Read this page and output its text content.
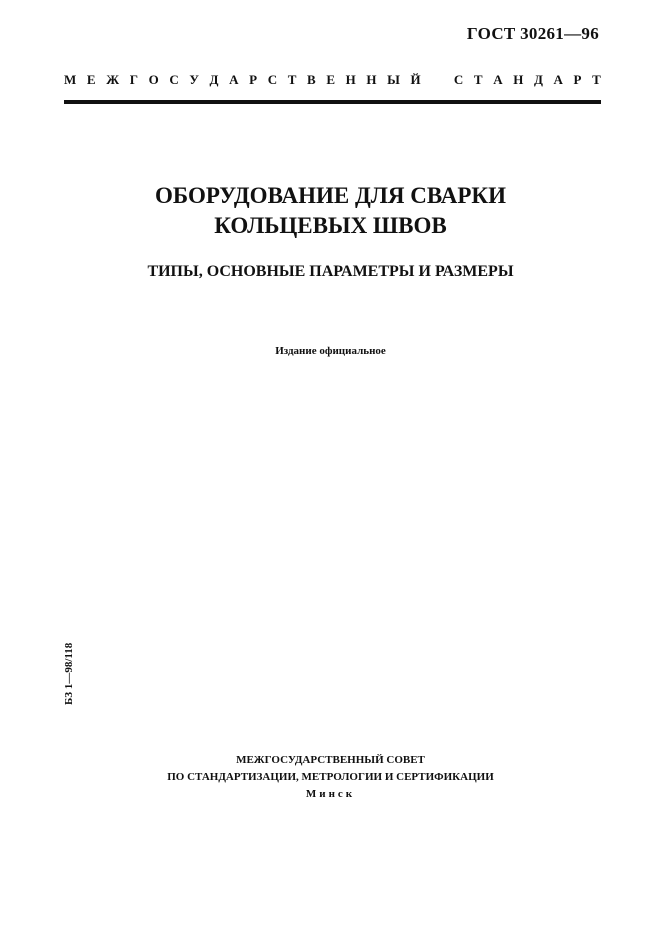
ГОСТ 30261—96
М Е Ж Г О С У Д А Р С Т В Е Н Н Ы Й
	С Т А Н Д А Р Т
ОБОРУДОВАНИЕ ДЛЯ СВАРКИ
КОЛЬЦЕВЫХ ШВОВ
ТИПЫ, ОСНОВНЫЕ ПАРАМЕТРЫ И РАЗМЕРЫ
Издание официальное
БЗ 1—98/118
МЕЖГОСУДАРСТВЕННЫЙ СОВЕТ
ПО СТАНДАРТИЗАЦИИ, МЕТРОЛОГИИ И СЕРТИФИКАЦИИ
Минск
